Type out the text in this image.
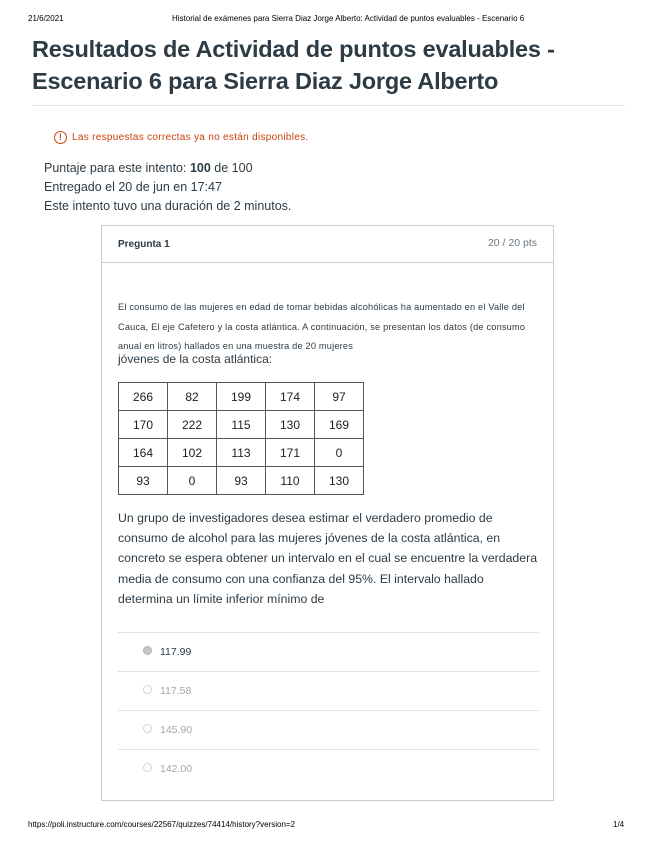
21/6/2021	Historial de exámenes para Sierra Diaz Jorge Alberto: Actividad de puntos evaluables - Escenario 6
Resultados de Actividad de puntos evaluables -
Escenario 6 para Sierra Diaz Jorge Alberto
! Las respuestas correctas ya no están disponibles.
Puntaje para este intento: 100 de 100
Entregado el 20 de jun en 17:47
Este intento tuvo una duración de 2 minutos.
Pregunta 1	20 / 20 pts
El consumo de las mujeres en edad de tomar bebidas alcohólicas ha aumentado en el Valle del Cauca, El eje Cafetero y la costa atlántica. A continuación, se presentan los datos (de consumo anual en litros) hallados en una muestra de 20 mujeres
jóvenes de la costa atlántica:
266	82	199	174	97
170	222	115	130	169
164	102	113	171	0
93	0	93	110	130
Un grupo de investigadores desea estimar el verdadero promedio de consumo de alcohol para las mujeres jóvenes de la costa atlántica, en concreto se espera obtener un intervalo en el cual se encuentre la verdadera media de consumo con una confianza del 95%. El intervalo hallado determina un límite inferior mínimo de
117.99
117.58
145.90
142.00
https://poli.instructure.com/courses/22567/quizzes/74414/history?version=2	1/4
